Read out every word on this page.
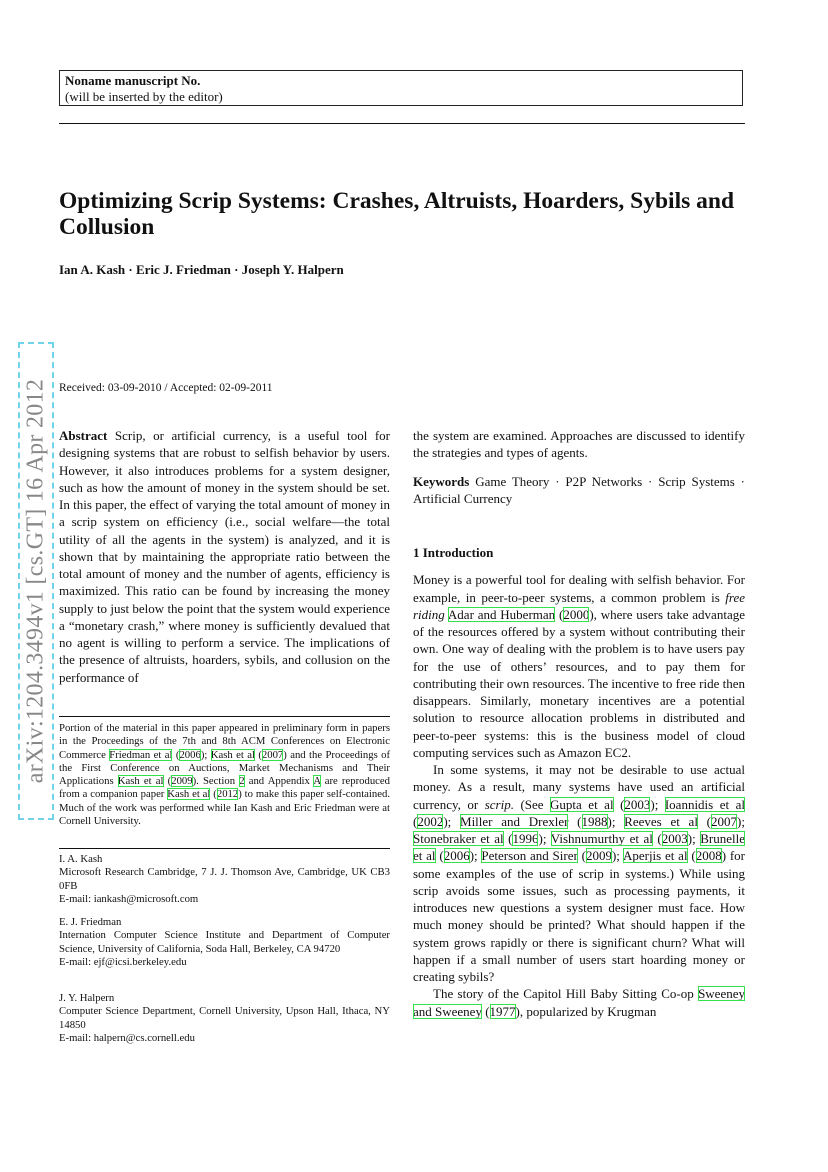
Noname manuscript No.
(will be inserted by the editor)
Optimizing Scrip Systems: Crashes, Altruists, Hoarders, Sybils and Collusion
Ian A. Kash · Eric J. Friedman · Joseph Y. Halpern
arXiv:1204.3494v1 [cs.GT] 16 Apr 2012 Received: 03-09-2010 / Accepted: 02-09-2011

Abstract Scrip, or artificial currency, is a useful tool for designing systems that are robust to selfish behavior by users. However, it also introduces problems for a system designer, such as how the amount of money in the system should be set. In this paper, the effect of varying the total amount of money in a scrip system on efficiency (i.e., social welfare—the total utility of all the agents in the system) is analyzed, and it is shown that by maintaining the appropriate ratio between the total amount of money and the number of agents, efficiency is maximized. This ratio can be found by increasing the money supply to just below the point that the system would experience a “monetary crash,” where money is sufficiently devalued that no agent is willing to perform a service. The implications of the presence of altruists, hoarders, sybils, and collusion on the performance of

Portion of the material in this paper appeared in preliminary form in papers in the Proceedings of the 7th and 8th ACM Conferences on Electronic Commerce Friedman et al (2006); Kash et al (2007) and the Proceedings of the First Conference on Auctions, Market Mechanisms and Their Applications Kash et al (2009). Section 2 and Appendix A are reproduced from a companion paper Kash et al (2012) to make this paper self-contained. Much of the work was performed while Ian Kash and Eric Friedman were at Cornell University.

I. A. Kash
Microsoft Research Cambridge, 7 J. J. Thomson Ave, Cambridge, UK CB3 0FB
E-mail: iankash@microsoft.com
E. J. Friedman
Internation Computer Science Institute and Department of Computer Science, University of California, Soda Hall, Berkeley, CA 94720
E-mail: ejf@icsi.berkeley.edu
J. Y. Halpern
Computer Science Department, Cornell University, Upson Hall, Ithaca, NY 14850
E-mail: halpern@cs.cornell.edu

the system are examined. Approaches are discussed to identify the strategies and types of agents.

Keywords Game Theory · P2P Networks · Scrip Systems · Artificial Currency

1 Introduction

Money is a powerful tool for dealing with selfish behavior. For example, in peer-to-peer systems, a common problem is free riding Adar and Huberman (2000), where users take advantage of the resources offered by a system without contributing their own. One way of dealing with the problem is to have users pay for the use of others’ resources, and to pay them for contributing their own resources. The incentive to free ride then disappears. Similarly, monetary incentives are a potential solution to resource allocation problems in distributed and peer-to-peer systems: this is the business model of cloud computing services such as Amazon EC2.

In some systems, it may not be desirable to use actual money. As a result, many systems have used an artificial currency, or scrip. (See Gupta et al (2003); Ioannidis et al (2002); Miller and Drexler (1988); Reeves et al (2007); Stonebraker et al (1996); Vishnumurthy et al (2003); Brunelle et al (2006); Peterson and Sirer (2009); Aperjis et al (2008) for some examples of the use of scrip in systems.) While using scrip avoids some issues, such as processing payments, it introduces new questions a system designer must face. How much money should be printed? What should happen if the system grows rapidly or there is significant churn? What will happen if a small number of users start hoarding money or creating sybils?

The story of the Capitol Hill Baby Sitting Co-op Sweeney and Sweeney (1977), popularized by Krugman
